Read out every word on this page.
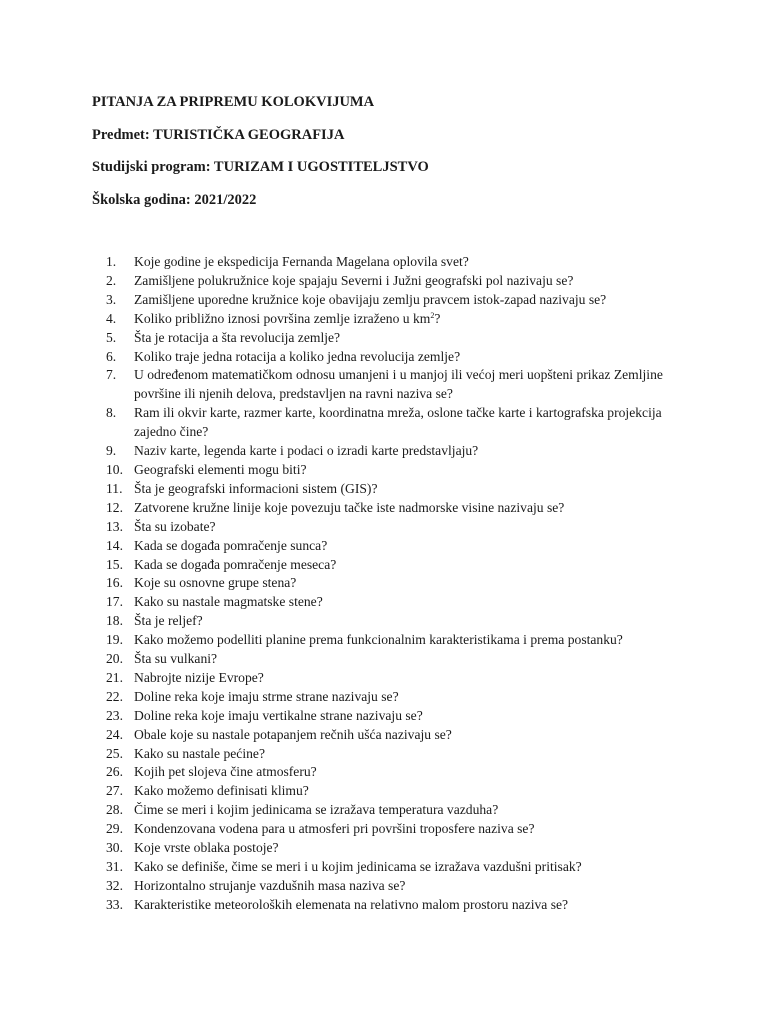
PITANJA ZA PRIPREMU KOLOKVIJUMA
Predmet: TURISTIČKA GEOGRAFIJA
Studijski program: TURIZAM I UGOSTITELJSTVO
Školska godina: 2021/2022
1.	Koje godine je ekspedicija Fernanda Magelana oplovila svet?
2.	Zamišljene polukružnice koje spajaju Severni i Južni geografski pol nazivaju se?
3.	Zamišljene uporedne kružnice koje obavijaju zemlju pravcem istok-zapad nazivaju se?
4.	Koliko približno iznosi površina zemlje izraženo u $km^2$?
5.	Šta je rotacija a šta revolucija zemlje?
6.	Koliko traje jedna rotacija a koliko jedna revolucija zemlje?
7.	U određenom matematičkom odnosu umanjeni i u manjoj ili većoj meri uopšteni prikaz Zemljine površine ili njenih delova, predstavljen na ravni naziva se?
8.	Ram ili okvir karte, razmer karte, koordinatna mreža, oslone tačke karte i kartografska projekcija zajedno čine?
9.	Naziv karte, legenda karte i podaci o izradi karte predstavljaju?
10. Geografski elementi mogu biti?
11. Šta je geografski informacioni sistem (GIS)?
12. Zatvorene kružne linije koje povezuju tačke iste nadmorske visine nazivaju se?
13. Šta su izobate?
14. Kada se događa pomračenje sunca?
15. Kada se događa pomračenje meseca?
16. Koje su osnovne grupe stena?
17. Kako su nastale magmatske stene?
18. Šta je reljef?
19. Kako možemo podelliti planine prema funkcionalnim karakteristikama i prema postanku?
20. Šta su vulkani?
21. Nabrojte nizije Evrope?
22. Doline reka koje imaju strme strane nazivaju se?
23. Doline reka koje imaju vertikalne strane nazivaju se?
24. Obale koje su nastale potapanjem rečnih ušća nazivaju se?
25. Kako su nastale pećine?
26. Kojih pet slojeva čine atmosferu?
27. Kako možemo definisati klimu?
28. Čime se meri i kojim jedinicama se izražava temperatura vazduha?
29. Kondenzovana vodena para u atmosferi pri površini troposfere naziva se?
30. Koje vrste oblaka postoje?
31. Kako se definiše, čime se meri i u kojim jedinicama se izražava vazdušni pritisak?
32. Horizontalno strujanje vazdušnih masa naziva se?
33. Karakteristike meteoroloških elemenata na relativno malom prostoru naziva se?
